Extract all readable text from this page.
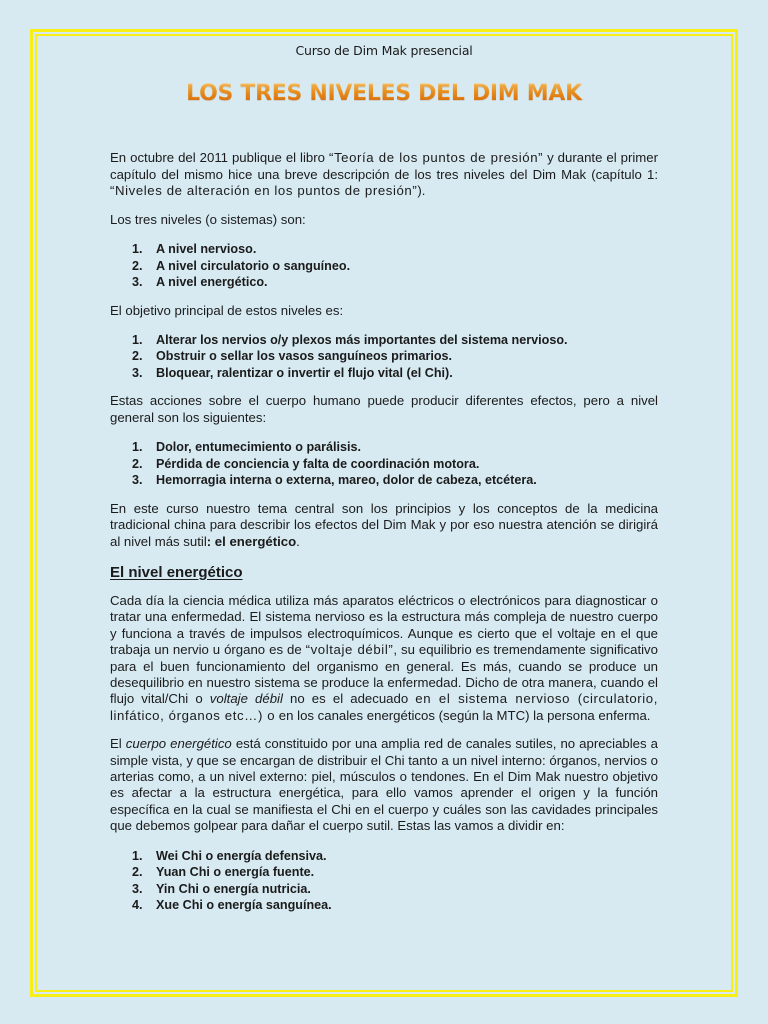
Curso de Dim Mak presencial

LOS TRES NIVELES DEL DIM MAK

En octubre del 2011 publique el libro “Teoría de los puntos de presión” y durante el primer capítulo del mismo hice una breve descripción de los tres niveles del Dim Mak (capítulo 1: “Niveles de alteración en los puntos de presión”).

Los tres niveles (o sistemas) son:

A nivel nervioso.
A nivel circulatorio o sanguíneo.
A nivel energético.

El objetivo principal de estos niveles es:

Alterar los nervios o/y plexos más importantes del sistema nervioso.
Obstruir o sellar los vasos sanguíneos primarios.
Bloquear, ralentizar o invertir el flujo vital (el Chi).

Estas acciones sobre el cuerpo humano puede producir diferentes efectos, pero a nivel general son los siguientes:

Dolor, entumecimiento o parálisis.
Pérdida de conciencia y falta de coordinación motora.
Hemorragia interna o externa, mareo, dolor de cabeza, etcétera.

En este curso nuestro tema central son los principios y los conceptos de la medicina tradicional china para describir los efectos del Dim Mak y por eso nuestra atención se dirigirá al nivel más sutil: el energético.

El nivel energético

Cada día la ciencia médica utiliza más aparatos eléctricos o electrónicos para diagnosticar o tratar una enfermedad. El sistema nervioso es la estructura más compleja de nuestro cuerpo y funciona a través de impulsos electroquímicos. Aunque es cierto que el voltaje en el que trabaja un nervio u órgano es de “voltaje débil”, su equilibrio es tremendamente significativo para el buen funcionamiento del organismo en general. Es más, cuando se produce un desequilibrio en nuestro sistema se produce la enfermedad. Dicho de otra manera, cuando el flujo vital/Chi o voltaje débil no es el adecuado en el sistema nervioso (circulatorio, linfático, órganos etc…) o en los canales energéticos (según la MTC) la persona enferma.

El cuerpo energético está constituido por una amplia red de canales sutiles, no apreciables a simple vista, y que se encargan de distribuir el Chi tanto a un nivel interno: órganos, nervios o arterias como, a un nivel externo: piel, músculos o tendones. En el Dim Mak nuestro objetivo es afectar a la estructura energética, para ello vamos aprender el origen y la función específica en la cual se manifiesta el Chi en el cuerpo y cuáles son las cavidades principales que debemos golpear para dañar el cuerpo sutil. Estas las vamos a dividir en:

Wei Chi o energía defensiva.
Yuan Chi o energía fuente.
Yin Chi o energía nutricia.
Xue Chi o energía sanguínea.
